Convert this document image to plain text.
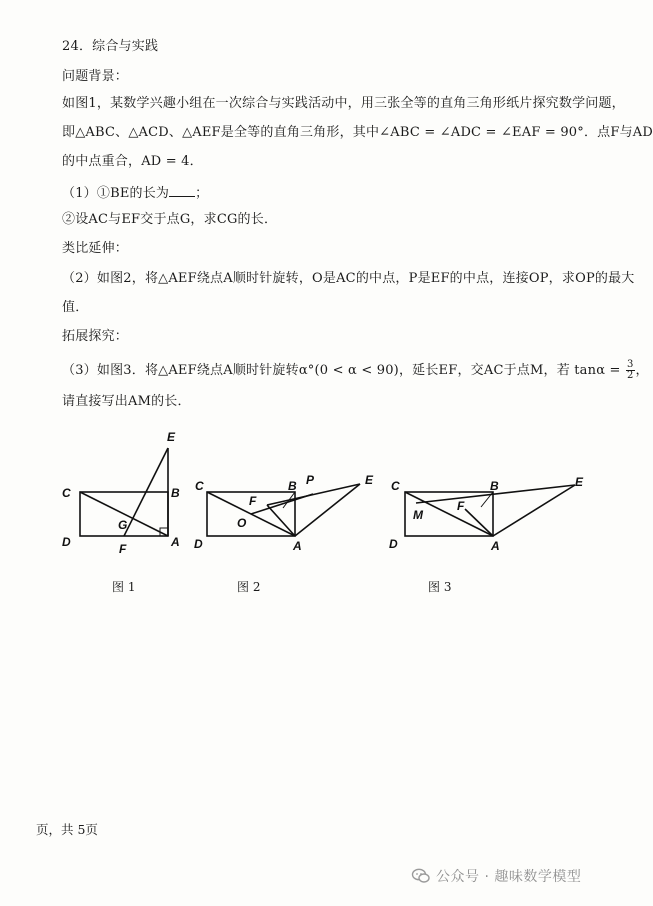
24．综合与实践
问题背景：
如图1，某数学兴趣小组在一次综合与实践活动中，用三张全等的直角三角形纸片探究数学问题，
即△ABC、△ACD、△AEF是全等的直角三角形，其中∠ABC = ∠ADC = ∠EAF = 90°．点F与AD
的中点重合，AD = 4．
（1）①BE的长为 ；
②设AC与EF交于点G，求CG的长．
类比延伸：
（2）如图2，将△AEF绕点A顺时针旋转，O是AC的中点，P是EF的中点，连接OP，求OP的最大
值．
拓展探究：
（3）如图3．将△AEF绕点A顺时针旋转α°(0 < α < 90)，延长EF，交AC于点M，若 $\tan\alpha = \frac{3}{2}$ ，
请直接写出AM的长．
C	B
D	A
E
F
G
C	B
D	A
E
F
O
P	C	B
D	A
E
F
M
图 1	图 2	图 3
页，共 5页
公众号 · 趣味数学模型
